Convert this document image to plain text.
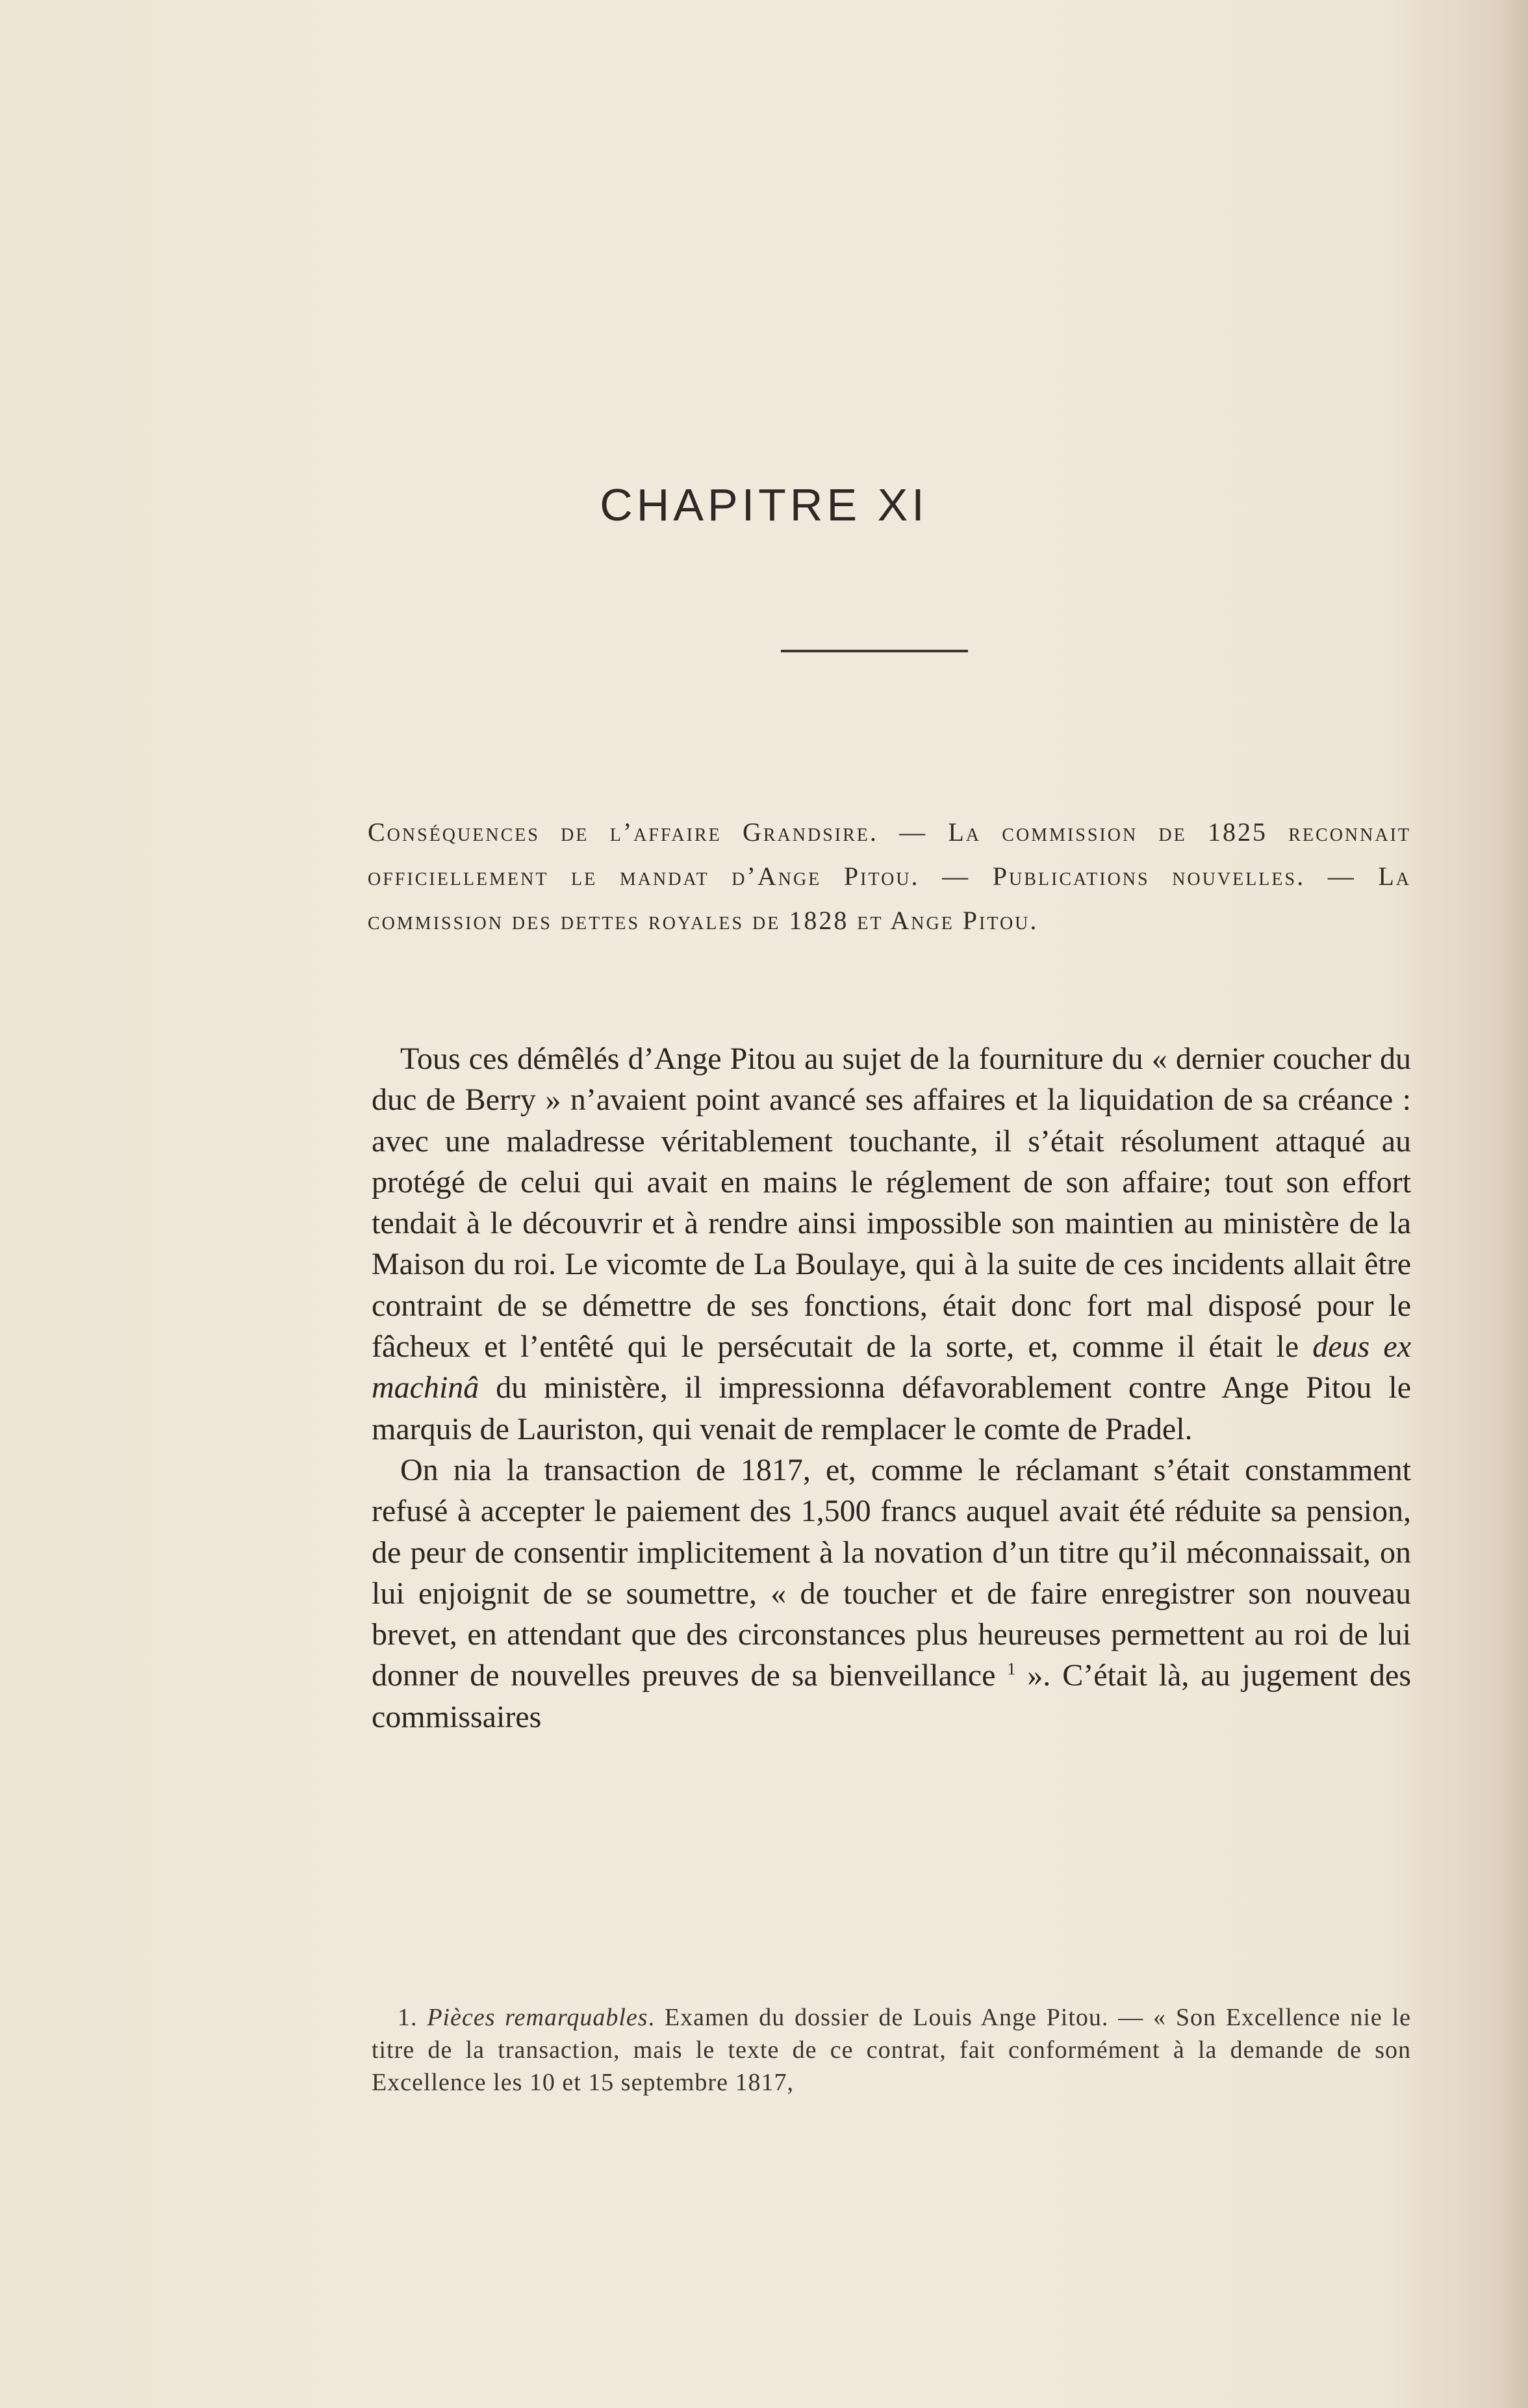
CHAPITRE XI

Conséquences de l’affaire Grandsire. — La commission de 1825 reconnait officiellement le mandat d’Ange Pitou. — Publications nouvelles. — La commission des dettes royales de 1828 et Ange Pitou.

Tous ces démêlés d’Ange Pitou au sujet de la fourniture du « dernier coucher du duc de Berry » n’avaient point avancé ses affaires et la liquidation de sa créance : avec une maladresse véritablement touchante, il s’était résolument attaqué au protégé de celui qui avait en mains le réglement de son affaire; tout son effort tendait à le découvrir et à rendre ainsi impossible son maintien au ministère de la Maison du roi. Le vicomte de La Boulaye, qui à la suite de ces incidents allait être contraint de se démettre de ses fonctions, était donc fort mal disposé pour le fâcheux et l’entêté qui le persécutait de la sorte, et, comme il était le deus ex machinâ du ministère, il impressionna défavorablement contre Ange Pitou le marquis de Lauriston, qui venait de remplacer le comte de Pradel.

On nia la transaction de 1817, et, comme le réclamant s’était constamment refusé à accepter le paiement des 1,500 francs auquel avait été réduite sa pension, de peur de consentir implicitement à la novation d’un titre qu’il méconnaissait, on lui enjoignit de se soumettre, « de toucher et de faire enregistrer son nouveau brevet, en attendant que des circonstances plus heureuses permettent au roi de lui donner de nouvelles preuves de sa bienveillance $^1$ ». C’était là, au jugement des commissaires

1. Pièces remarquables. Examen du dossier de Louis Ange Pitou. — « Son Excellence nie le titre de la transaction, mais le texte de ce contrat, fait conformément à la demande de son Excellence les 10 et 15 septembre 1817,
